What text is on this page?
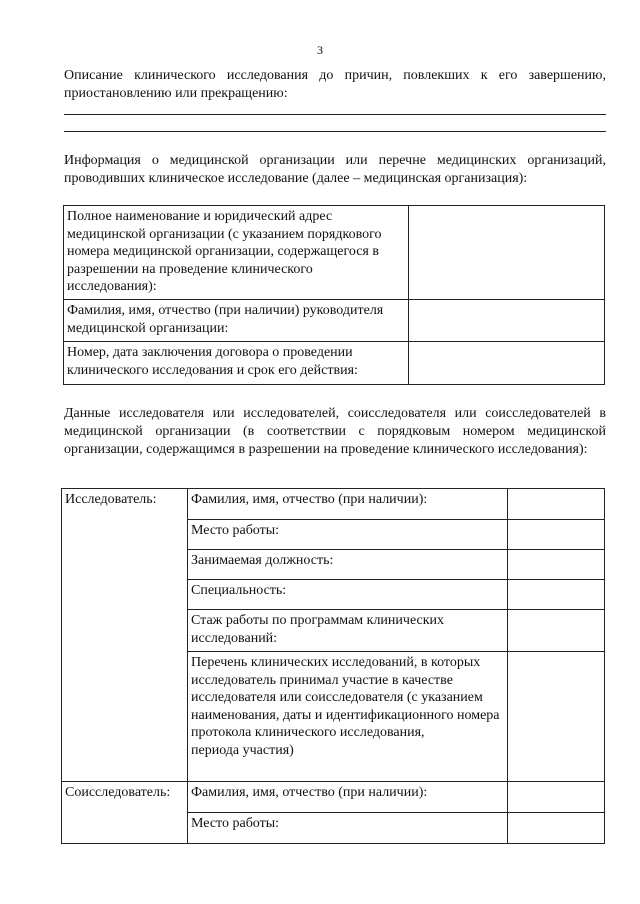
3

Описание клинического исследования до причин, повлекших к его завершению, приостановлению или прекращению:

Информация о медицинской организации или перечне медицинских организаций, проводивших клиническое исследование (далее – медицинская организация):

Полное наименование и юридический адрес медицинской организации (с указанием порядкового номера медицинской организации, содержащегося в разрешении на проведение клинического исследования):	
Фамилия, имя, отчество (при наличии) руководителя медицинской организации:	
Номер, дата заключения договора о проведении клинического исследования и срок его действия:	

Данные исследователя или исследователей, соисследователя или соисследователей в медицинской организации (в соответствии с порядковым номером медицинской организации, содержащимся в разрешении на проведение клинического исследования):

Исследователь:	Фамилия, имя, отчество (при наличии):	
	Место работы:	
	Занимаемая должность:	
	Специальность:	
	Стаж работы по программам клинических исследований:	
	Перечень клинических исследований, в которых исследователь принимал участие в качестве исследователя или соисследователя (с указанием наименования, даты и идентификационного номера протокола клинического исследования,
периода участия)	
Соисследователь:	Фамилия, имя, отчество (при наличии):	
	Место работы:	
